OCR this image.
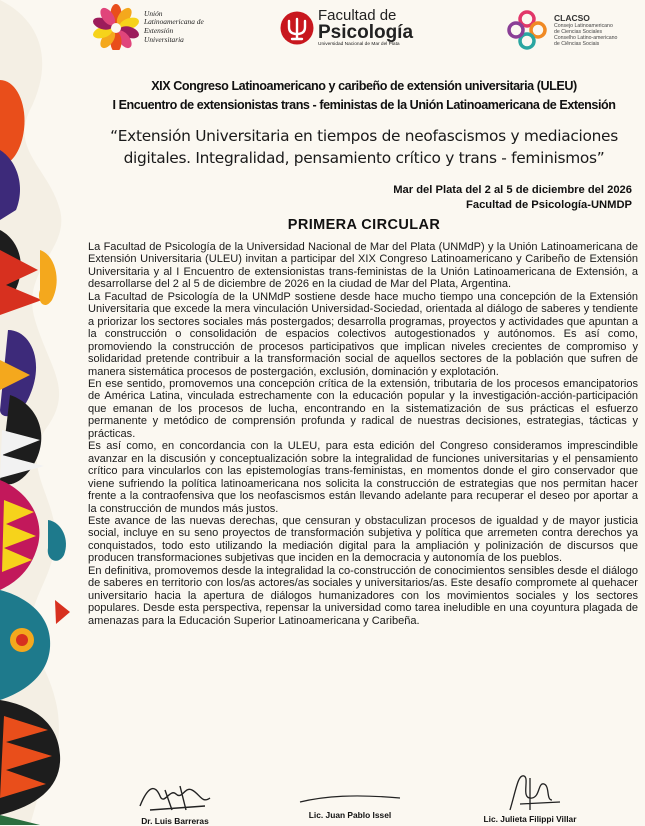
Unión
Latinoamericana de
Extensión
Universitaria
Facultad de
Psicología
Universidad Nacional de Mar del Plata
CLACSO
Consejo Latinoamericano
de Ciencias Sociales
Conselho Latino-americano
de Ciências Sociais
XIX Congreso Latinoamericano y caribeño de extensión universitaria (ULEU)
I Encuentro de extensionistas trans - feministas de la Unión Latinoamericana de Extensión
“Extensión Universitaria en tiempos de neofascismos y mediaciones
digitales. Integralidad, pensamiento crítico y trans - feminismos”
Mar del Plata del 2 al 5 de diciembre del 2026
Facultad de Psicología-UNMDP
PRIMERA CIRCULAR

La Facultad de Psicología de la Universidad Nacional de Mar del Plata (UNMdP) y la Unión Latinoamericana de Extensión Universitaria (ULEU) invitan a participar del XIX Congreso Latinoamericano y Caribeño de Extensión Universitaria y al I Encuentro de extensionistas trans-feministas de la Unión Latinoamericana de Extensión, a desarrollarse del 2 al 5 de diciembre de 2026 en la ciudad de Mar del Plata, Argentina.

La Facultad de Psicología de la UNMdP sostiene desde hace mucho tiempo una concepción de la Extensión Universitaria que excede la mera vinculación Universidad-Sociedad, orientada al diálogo de saberes y tendiente a priorizar los sectores sociales más postergados; desarrolla programas, proyectos y actividades que apuntan a la construcción o consolidación de espacios colectivos autogestionados y autónomos. Es así como, promoviendo la construcción de procesos participativos que implican niveles crecientes de compromiso y solidaridad pretende contribuir a la transformación social de aquellos sectores de la población que sufren de manera sistemática procesos de postergación, exclusión, dominación y explotación.

En ese sentido, promovemos una concepción crítica de la extensión, tributaria de los procesos emancipatorios de América Latina, vinculada estrechamente con la educación popular y la investigación-acción-participación que emanan de los procesos de lucha, encontrando en la sistematización de sus prácticas el esfuerzo permanente y metódico de comprensión profunda y radical de nuestras decisiones, estrategias, tácticas y prácticas.

Es así como, en concordancia con la ULEU, para esta edición del Congreso consideramos imprescindible avanzar en la discusión y conceptualización sobre la integralidad de funciones universitarias y el pensamiento crítico para vincularlos con las epistemologías trans-feministas, en momentos donde el giro conservador que viene sufriendo la política latinoamericana nos solicita la construcción de estrategias que nos permitan hacer frente a la contraofensiva que los neofascismos están llevando adelante para recuperar el deseo por aportar a la construcción de mundos más justos.

Este avance de las nuevas derechas, que censuran y obstaculizan procesos de igualdad y de mayor justicia social, incluye en su seno proyectos de transformación subjetiva y política que arremeten contra derechos ya conquistados, todo esto utilizando la mediación digital para la ampliación y polinización de discursos que producen transformaciones subjetivas que inciden en la democracia y autonomía de los pueblos.

En definitiva, promovemos desde la integralidad la co-construcción de conocimientos sensibles desde el diálogo de saberes en territorio con los/as actores/as sociales y universitarios/as. Este desafío compromete al quehacer universitario hacia la apertura de diálogos humanizadores con los movimientos sociales y los sectores populares. Desde esta perspectiva, repensar la universidad como tarea ineludible en una coyuntura plagada de amenazas para la Educación Superior Latinoamericana y Caribeña.

Dr. Luis Barreras
Lic. Juan Pablo Issel	Lic. Julieta Filippi Villar
